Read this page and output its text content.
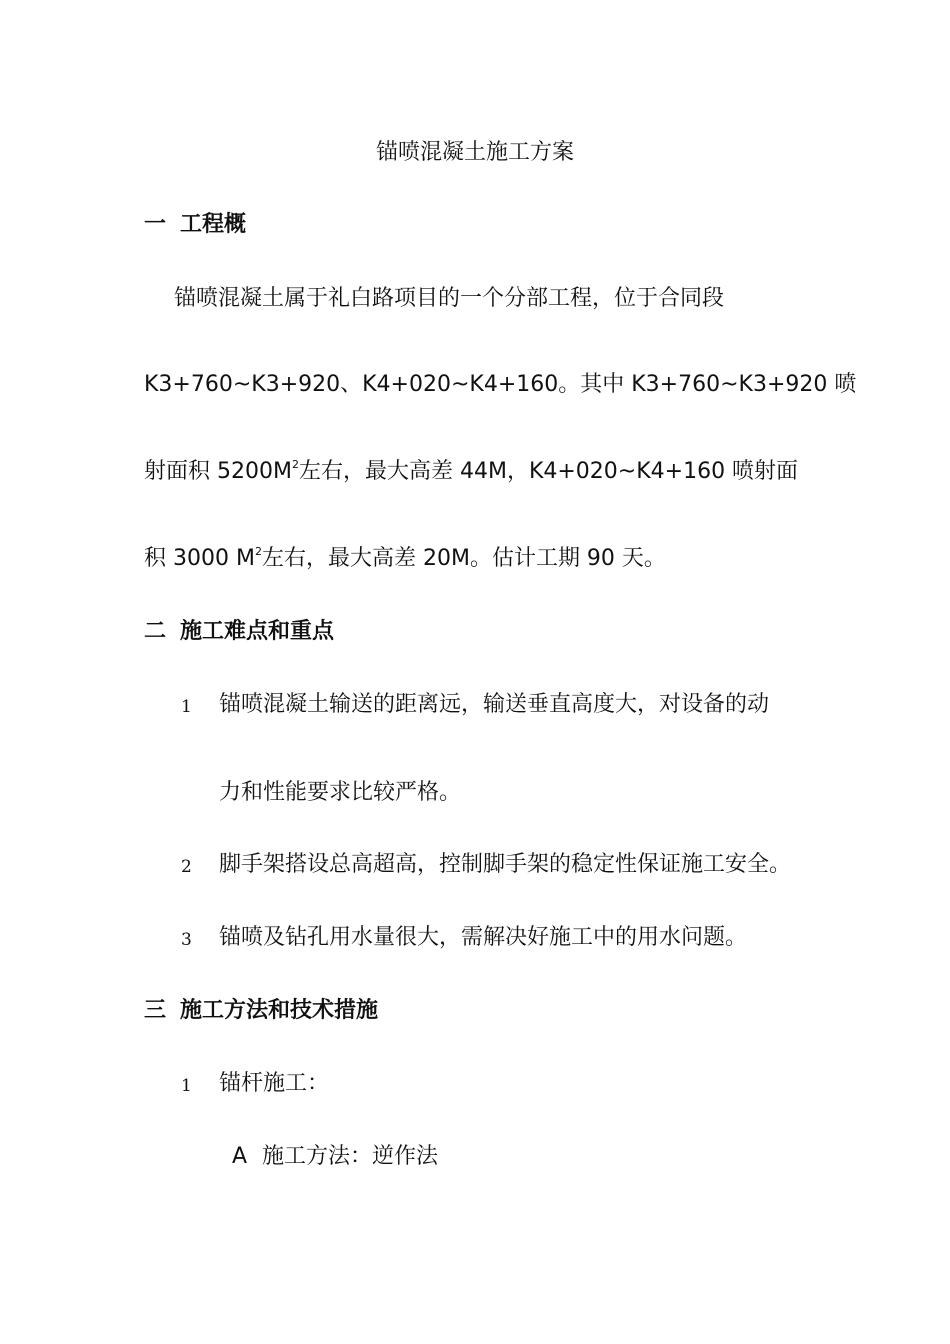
锚喷混凝土施工方案
一 工程概
锚喷混凝土属于礼白路项目的一个分部工程，位于合同段
K3+760~K3+920、K4+020~K4+160。其中 K3+760~K3+920 喷
射面积 $5200M^2$左右，最大高差 44M，K4+020~K4+160 喷射面
积 3000 $M^2$左右，最大高差 20M。估计工期 90 天。
二 施工难点和重点
1 锚喷混凝土输送的距离远，输送垂直高度大，对设备的动
力和性能要求比较严格。
2 脚手架搭设总高超高，控制脚手架的稳定性保证施工安全。
3 锚喷及钻孔用水量很大，需解决好施工中的用水问题。
三 施工方法和技术措施
1 锚杆施工：
A 施工方法：逆作法
